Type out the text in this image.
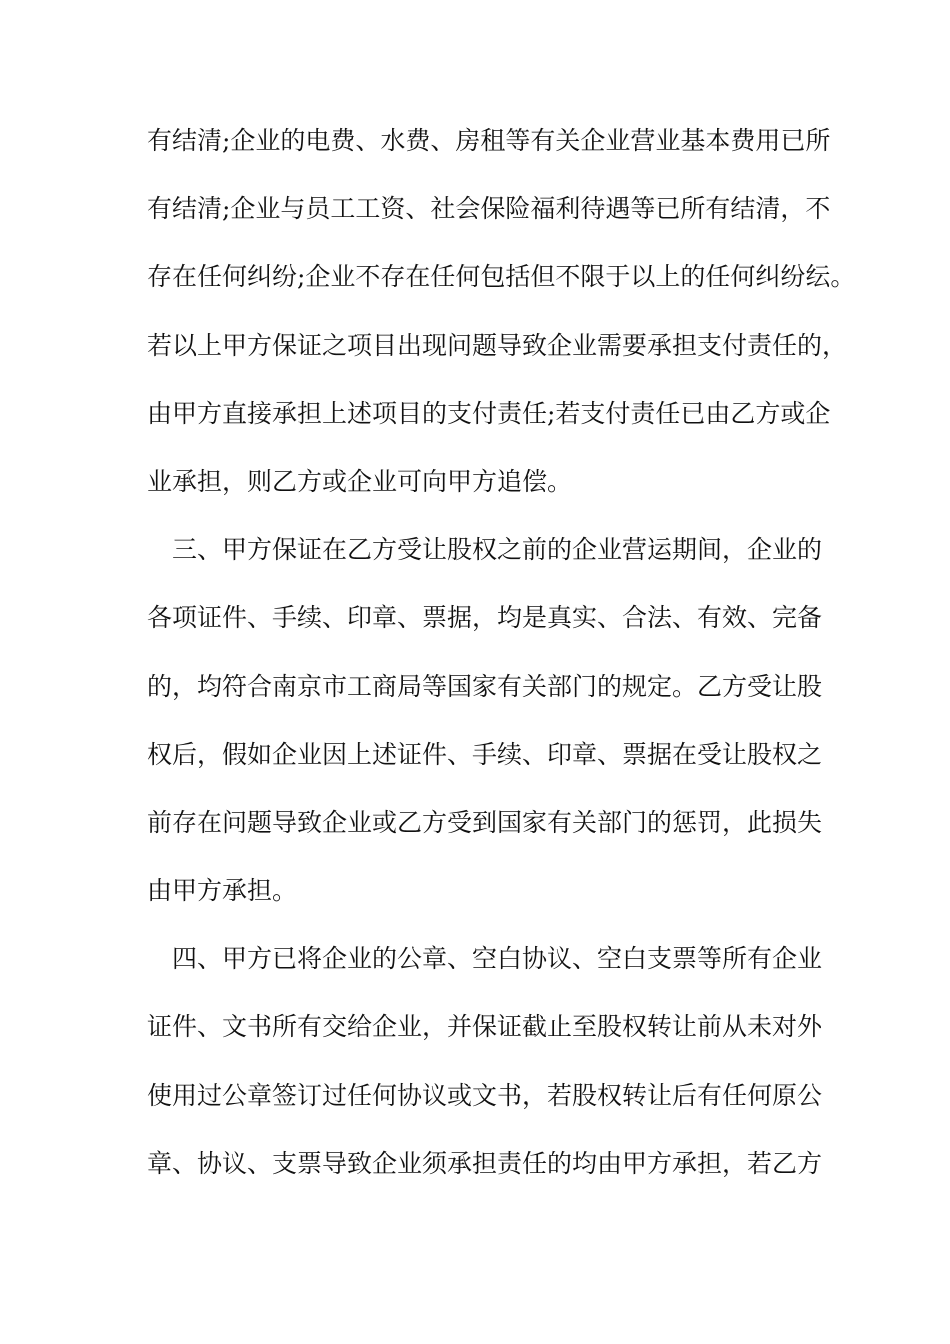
有结清;企业的电费、水费、房租等有关企业营业基本费用已所
有结清;企业与员工工资、社会保险福利待遇等已所有结清，不
存在任何纠纷;企业不存在任何包括但不限于以上的任何纠纷纭。
若以上甲方保证之项目出现问题导致企业需要承担支付责任的，
由甲方直接承担上述项目的支付责任;若支付责任已由乙方或企
业承担，则乙方或企业可向甲方追偿。
　三、甲方保证在乙方受让股权之前的企业营运期间，企业的
各项证件、手续、印章、票据，均是真实、合法、有效、完备
的，均符合南京市工商局等国家有关部门的规定。乙方受让股
权后，假如企业因上述证件、手续、印章、票据在受让股权之
前存在问题导致企业或乙方受到国家有关部门的惩罚，此损失
由甲方承担。
　四、甲方已将企业的公章、空白协议、空白支票等所有企业
证件、文书所有交给企业，并保证截止至股权转让前从未对外
使用过公章签订过任何协议或文书，若股权转让后有任何原公
章、协议、支票导致企业须承担责任的均由甲方承担，若乙方
